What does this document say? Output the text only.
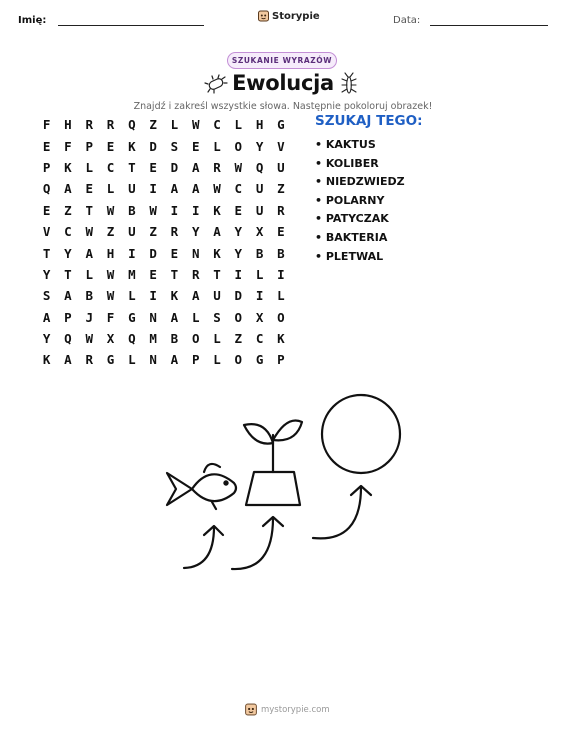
Imię:	Storypie	Data:
SZUKANIE WYRAZÓW
Ewolucja
Znajdź i zakreśl wszystkie słowa. Następnie pokoloruj obrazek!
F	H	R	R	Q	Z	L	W	C	L	H	G
E	F	P	E	K	D	S	E	L	O	Y	V
P	K	L	C	T	E	D	A	R	W	Q	U
Q	A	E	L	U	I	A	A	W	C	U	Z
E	Z	T	W	B	W	I	I	K	E	U	R
V	C	W	Z	U	Z	R	Y	A	Y	X	E
T	Y	A	H	I	D	E	N	K	Y	B	B
Y	T	L	W	M	E	T	R	T	I	L	I
S	A	B	W	L	I	K	A	U	D	I	L
A	P	J	F	G	N	A	L	S	O	X	O
Y	Q	W	X	Q	M	B	O	L	Z	C	K
K	A	R	G	L	N	A	P	L	O	G	P
SZUKAJ TEGO:
• KAKTUS
• KOLIBER
• NIEDZWIEDZ
• POLARNY
• PATYCZAK
• BAKTERIA
• PLETWAL
mystorypie.com
